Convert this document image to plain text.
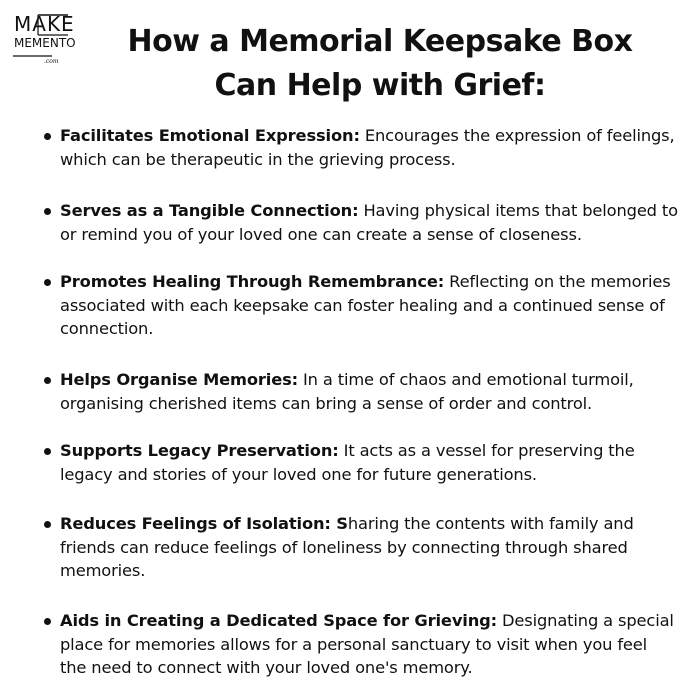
MAKE
MEMENTO
.com
How a Memorial Keepsake Box
Can Help with Grief:
Facilitates Emotional Expression: Encourages the expression of feelings, which can be therapeutic in the grieving process.
Serves as a Tangible Connection: Having physical items that belonged to or remind you of your loved one can create a sense of closeness.
Promotes Healing Through Remembrance: Reflecting on the memories associated with each keepsake can foster healing and a continued sense of connection.
Helps Organise Memories: In a time of chaos and emotional turmoil, organising cherished items can bring a sense of order and control.
Supports Legacy Preservation: It acts as a vessel for preserving the legacy and stories of your loved one for future generations.
Reduces Feelings of Isolation: Sharing the contents with family and friends can reduce feelings of loneliness by connecting through shared memories.
Aids in Creating a Dedicated Space for Grieving: Designating a special place for memories allows for a personal sanctuary to visit when you feel the need to connect with your loved one's memory.
